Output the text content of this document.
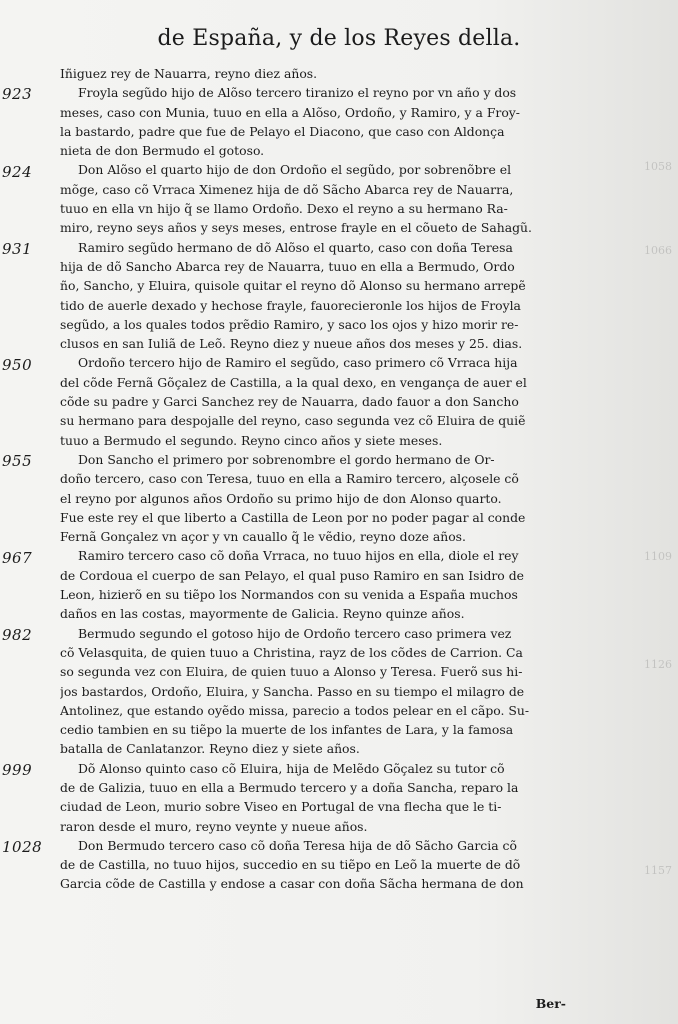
1058
1066
1109
1126
1157
de España, y de los Reyes della.
Iñiguez rey de Nauarra, reyno diez años.
Froyla segũdo hijo de Alõso tercero tiranizo el reyno por vn año y dos
meses, caso con Munia, tuuo en ella a Alõso, Ordoño, y Ramiro, y a Froy-
la bastardo, padre que fue de Pelayo el Diacono, que caso con Aldonça
nieta de don Bermudo el gotoso.
Don Alõso el quarto hijo de don Ordoño el segũdo, por sobrenõbre el
mõge, caso cõ Vrraca Ximenez hija de dõ Sãcho Abarca rey de Nauarra,
tuuo en ella vn hijo q̃ se llamo Ordoño. Dexo el reyno a su hermano Ra-
miro, reyno seys años y seys meses, entrose frayle en el cõueto de Sahagũ.
Ramiro segũdo hermano de dõ Alõso el quarto, caso con doña Teresa
hija de dõ Sancho Abarca rey de Nauarra, tuuo en ella a Bermudo, Ordo
ño, Sancho, y Eluira, quisole quitar el reyno dõ Alonso su hermano arrepẽ
tido de auerle dexado y hechose frayle, fauorecieronle los hijos de Froyla
segũdo, a los quales todos prẽdio Ramiro, y saco los ojos y hizo morir re-
clusos en san Iuliã de Leõ. Reyno diez y nueue años dos meses y 25. dias.
Ordoño tercero hijo de Ramiro el segũdo, caso primero cõ Vrraca hija
del cõde Fernã Gõçalez de Castilla, a la qual dexo, en vengança de auer el
cõde su padre y Garci Sanchez rey de Nauarra, dado fauor a don Sancho
su hermano para despojalle del reyno, caso segunda vez cõ Eluira de quiẽ
tuuo a Bermudo el segundo. Reyno cinco años y siete meses.
Don Sancho el primero por sobrenombre el gordo hermano de Or-
doño tercero, caso con Teresa, tuuo en ella a Ramiro tercero, alçosele cõ
el reyno por algunos años Ordoño su primo hijo de don Alonso quarto.
Fue este rey el que liberto a Castilla de Leon por no poder pagar al conde
Fernã Gonçalez vn açor y vn cauallo q̃ le vẽdio, reyno doze años.
Ramiro tercero caso cõ doña Vrraca, no tuuo hijos en ella, diole el rey
de Cordoua el cuerpo de san Pelayo, el qual puso Ramiro en san Isidro de
Leon, hizierõ en su tiẽpo los Normandos con su venida a España muchos
daños en las costas, mayormente de Galicia. Reyno quinze años.
Bermudo segundo el gotoso hijo de Ordoño tercero caso primera vez
cõ Velasquita, de quien tuuo a Christina, rayz de los cõdes de Carrion. Ca
so segunda vez con Eluira, de quien tuuo a Alonso y Teresa. Fuerõ sus hi-
jos bastardos, Ordoño, Eluira, y Sancha. Passo en su tiempo el milagro de
Antolinez, que estando oyẽdo missa, parecio a todos pelear en el cãpo. Su-
cedio tambien en su tiẽpo la muerte de los infantes de Lara, y la famosa
batalla de Canlatanzor. Reyno diez y siete años.
Dõ Alonso quinto caso cõ Eluira, hija de Melẽdo Gõçalez su tutor cõ
de de Galizia, tuuo en ella a Bermudo tercero y a doña Sancha, reparo la
ciudad de Leon, murio sobre Viseo en Portugal de vna flecha que le ti-
raron desde el muro, reyno veynte y nueue años.
Don Bermudo tercero caso cõ doña Teresa hija de dõ Sãcho Garcia cõ
de de Castilla, no tuuo hijos, succedio en su tiẽpo en Leõ la muerte de dõ
Garcia cõde de Castilla y endose a casar con doña Sãcha hermana de don
Ber-
923
924
931
950
955
967
982
999
1028
